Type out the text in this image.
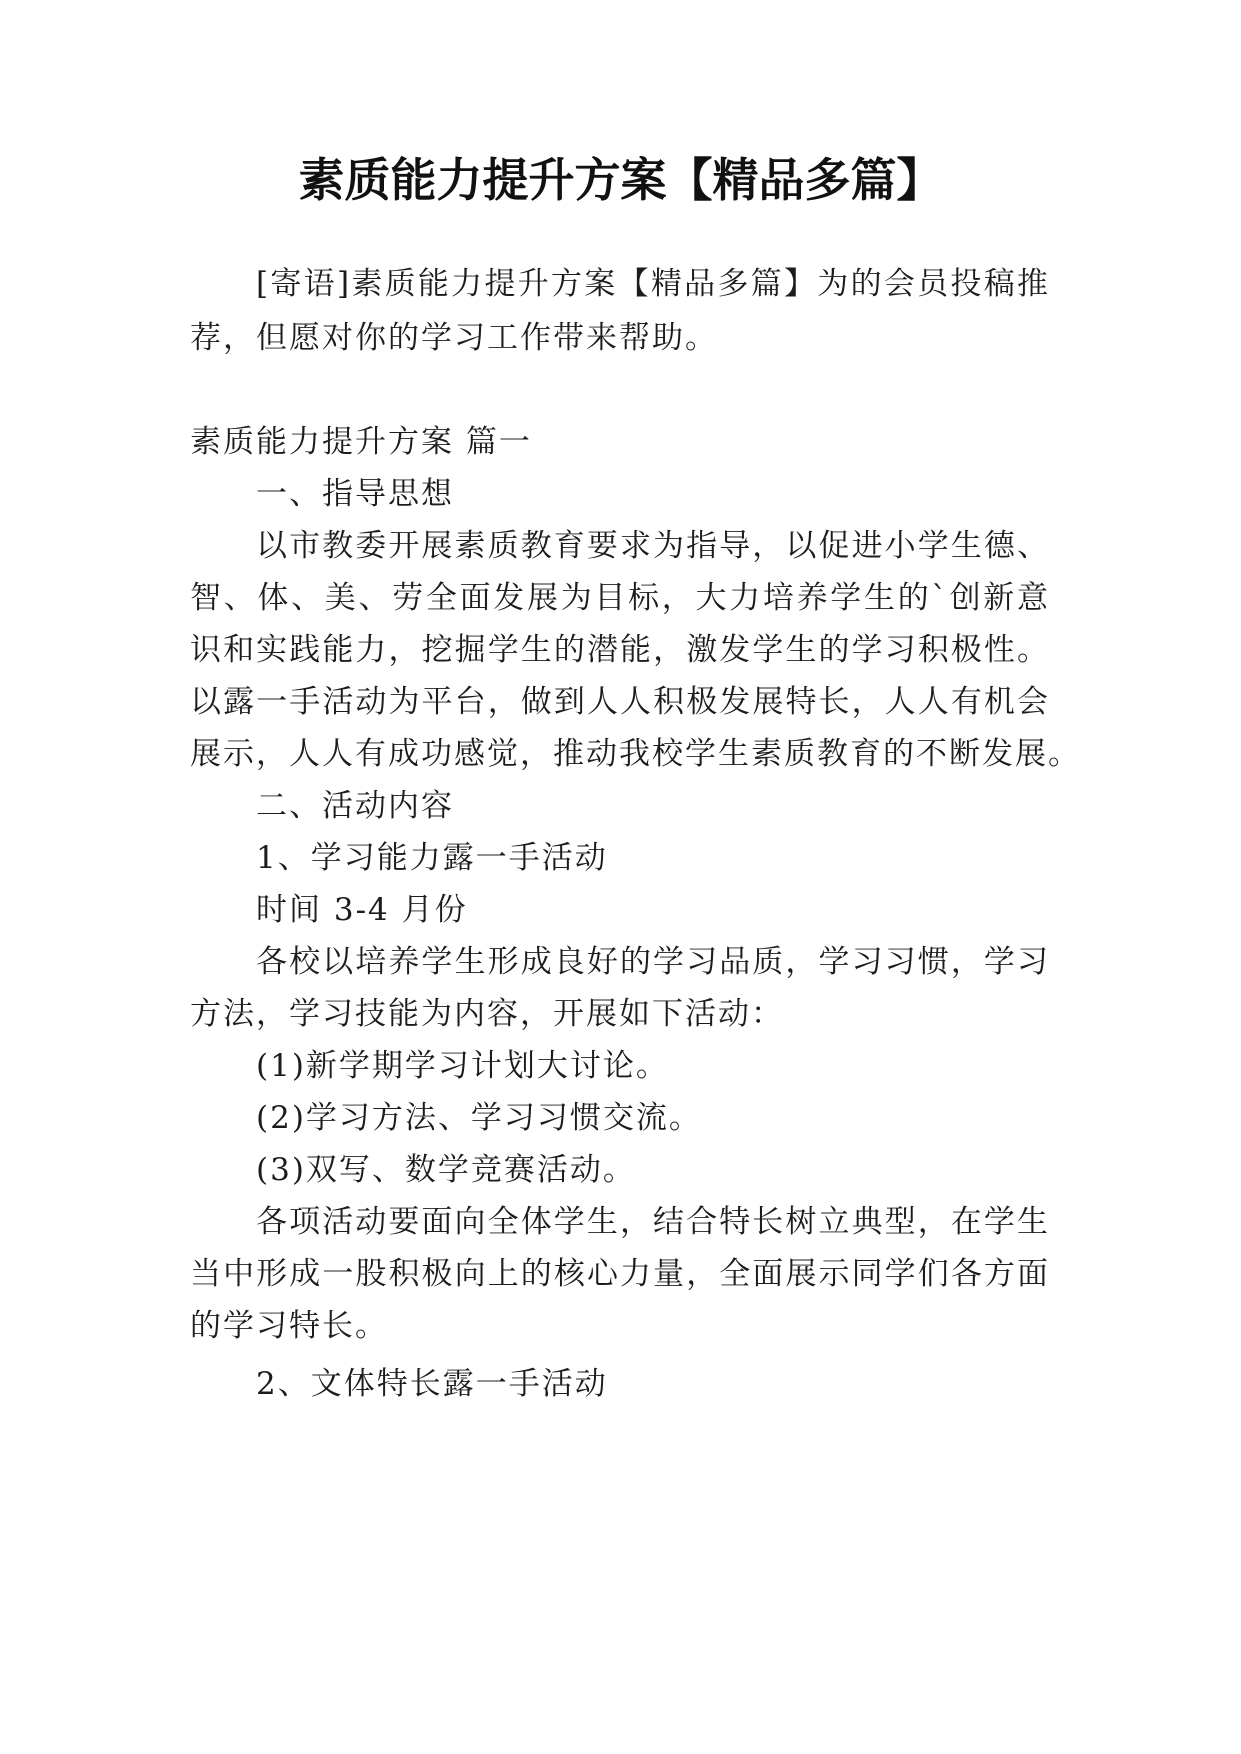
素质能力提升方案【精品多篇】
[寄语]素质能力提升方案【精品多篇】为的会员投稿推
荐，但愿对你的学习工作带来帮助。
素质能力提升方案 篇一
一、指导思想
以市教委开展素质教育要求为指导，以促进小学生德、
智、体、美、劳全面发展为目标，大力培养学生的`创新意
识和实践能力，挖掘学生的潜能，激发学生的学习积极性。
以露一手活动为平台，做到人人积极发展特长，人人有机会
展示，人人有成功感觉，推动我校学生素质教育的不断发展。
二、活动内容
1、学习能力露一手活动
时间 3-4 月份
各校以培养学生形成良好的学习品质，学习习惯，学习
方法，学习技能为内容，开展如下活动：
(1)新学期学习计划大讨论。
(2)学习方法、学习习惯交流。
(3)双写、数学竞赛活动。
各项活动要面向全体学生，结合特长树立典型，在学生
当中形成一股积极向上的核心力量，全面展示同学们各方面
的学习特长。
2、文体特长露一手活动
